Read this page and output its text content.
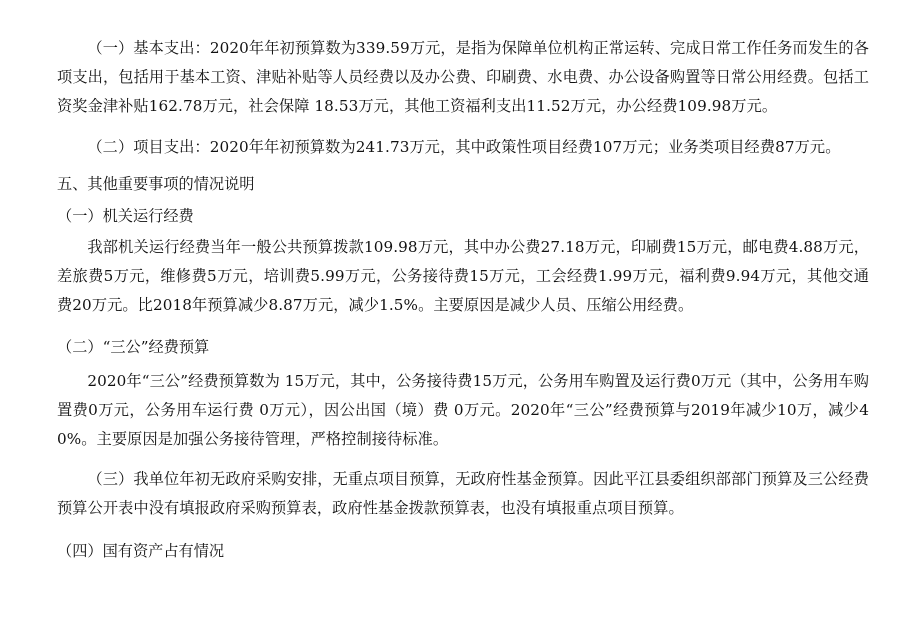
（一）基本支出：2020年年初预算数为339.59万元，是指为保障单位机构正常运转、完成日常工作任务而发生的各项支出，包括用于基本工资、津贴补贴等人员经费以及办公费、印刷费、水电费、办公设备购置等日常公用经费。包括工资奖金津补贴162.78万元，社会保障 18.53万元，其他工资福利支出11.52万元，办公经费109.98万元。

（二）项目支出：2020年年初预算数为241.73万元，其中政策性项目经费107万元；业务类项目经费87万元。

五、其他重要事项的情况说明

（一）机关运行经费

我部机关运行经费当年一般公共预算拨款109.98万元，其中办公费27.18万元，印刷费15万元，邮电费4.88万元，差旅费5万元，维修费5万元，培训费5.99万元，公务接待费15万元，工会经费1.99万元，福利费9.94万元，其他交通费20万元。比2018年预算减少8.87万元，减少1.5%。主要原因是减少人员、压缩公用经费。

（二）“三公”经费预算

2020年“三公”经费预算数为 15万元，其中，公务接待费15万元，公务用车购置及运行费0万元（其中，公务用车购置费0万元，公务用车运行费 0万元），因公出国（境）费 0万元。2020年“三公”经费预算与2019年减少10万，减少40%。主要原因是加强公务接待管理，严格控制接待标准。

（三）我单位年初无政府采购安排，无重点项目预算，无政府性基金预算。因此平江县委组织部部门预算及三公经费预算公开表中没有填报政府采购预算表，政府性基金拨款预算表，也没有填报重点项目预算。

（四）国有资产占有情况
